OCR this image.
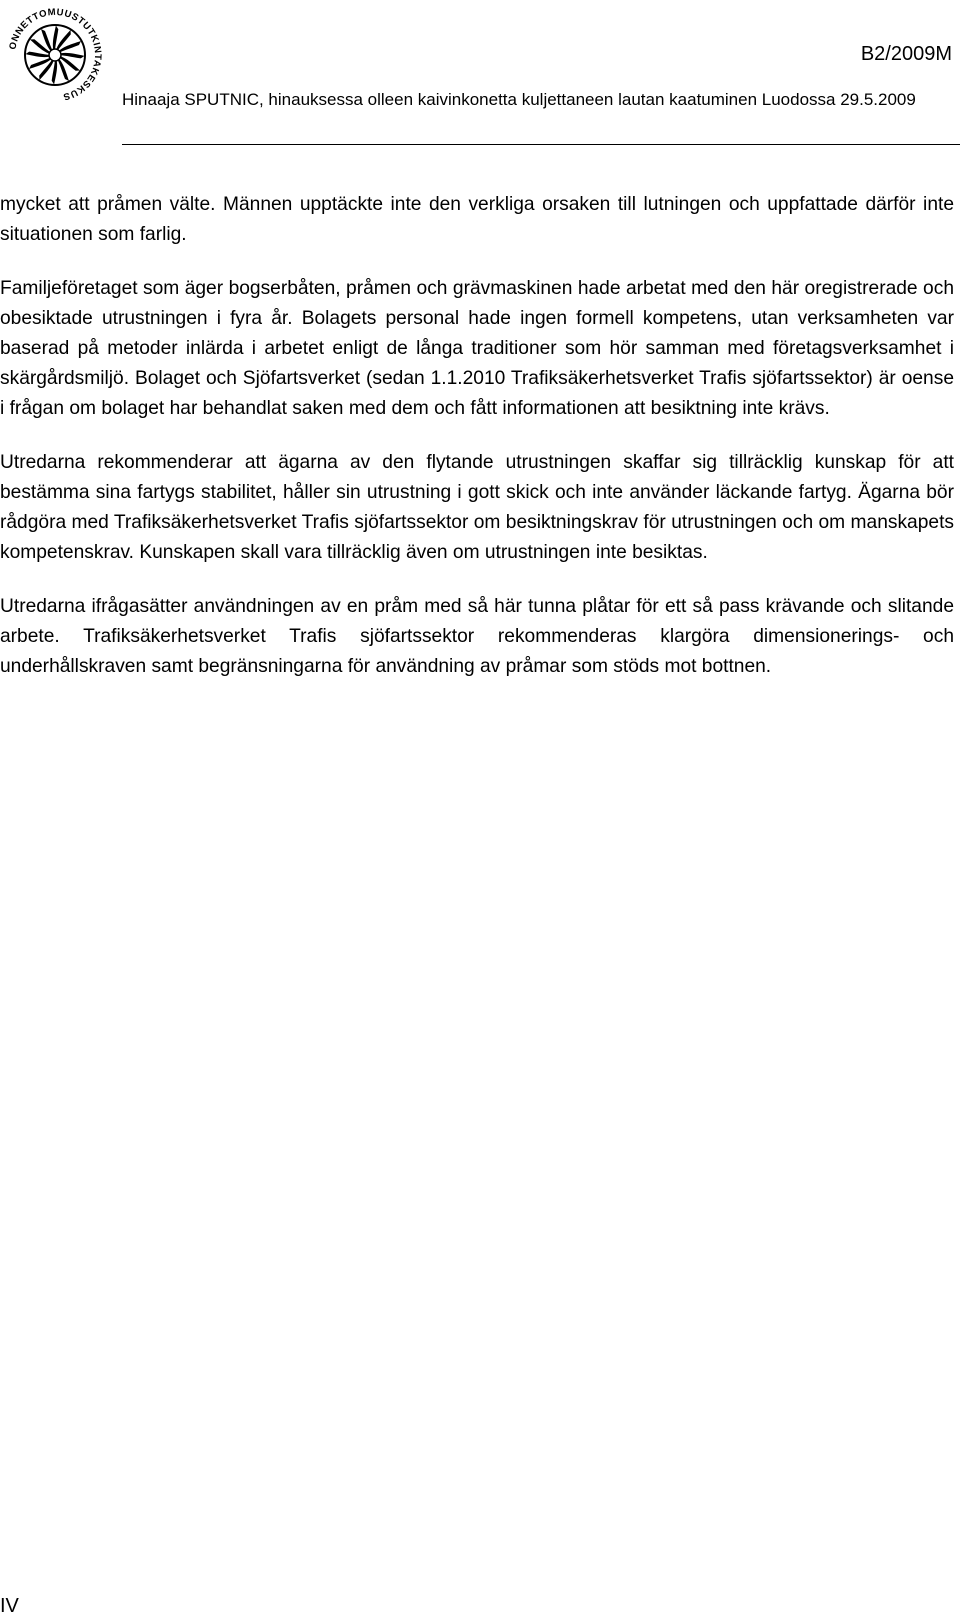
ONNETTOMUUSTUTKINTAKESKUS
B2/2009M
Hinaaja SPUTNIC, hinauksessa olleen kaivinkonetta kuljettaneen lautan kaatuminen Luodossa 29.5.2009

mycket att pråmen välte. Männen upptäckte inte den verkliga orsaken till lutningen och uppfattade därför inte situationen som farlig.

Familjeföretaget som äger bogserbåten, pråmen och grävmaskinen hade arbetat med den här oregistrerade och obesiktade utrustningen i fyra år. Bolagets personal hade ingen formell kompetens, utan verksamheten var baserad på metoder inlärda i arbetet enligt de långa traditioner som hör samman med företagsverksamhet i skärgårdsmiljö. Bolaget och Sjöfartsverket (sedan 1.1.2010 Trafiksäkerhetsverket Trafis sjöfartssektor) är oense i frågan om bolaget har behandlat saken med dem och fått informationen att besiktning inte krävs.

Utredarna rekommenderar att ägarna av den flytande utrustningen skaffar sig tillräcklig kunskap för att bestämma sina fartygs stabilitet, håller sin utrustning i gott skick och inte använder läckande fartyg. Ägarna bör rådgöra med Trafiksäkerhetsverket Trafis sjöfartssektor om besiktningskrav för utrustningen och om manskapets kompetenskrav. Kunskapen skall vara tillräcklig även om utrustningen inte besiktas.

Utredarna ifrågasätter användningen av en pråm med så här tunna plåtar för ett så pass krävande och slitande arbete. Trafiksäkerhetsverket Trafis sjöfartssektor rekommenderas klargöra dimensionerings- och underhållskraven samt begränsningarna för användning av pråmar som stöds mot bottnen.

IV
